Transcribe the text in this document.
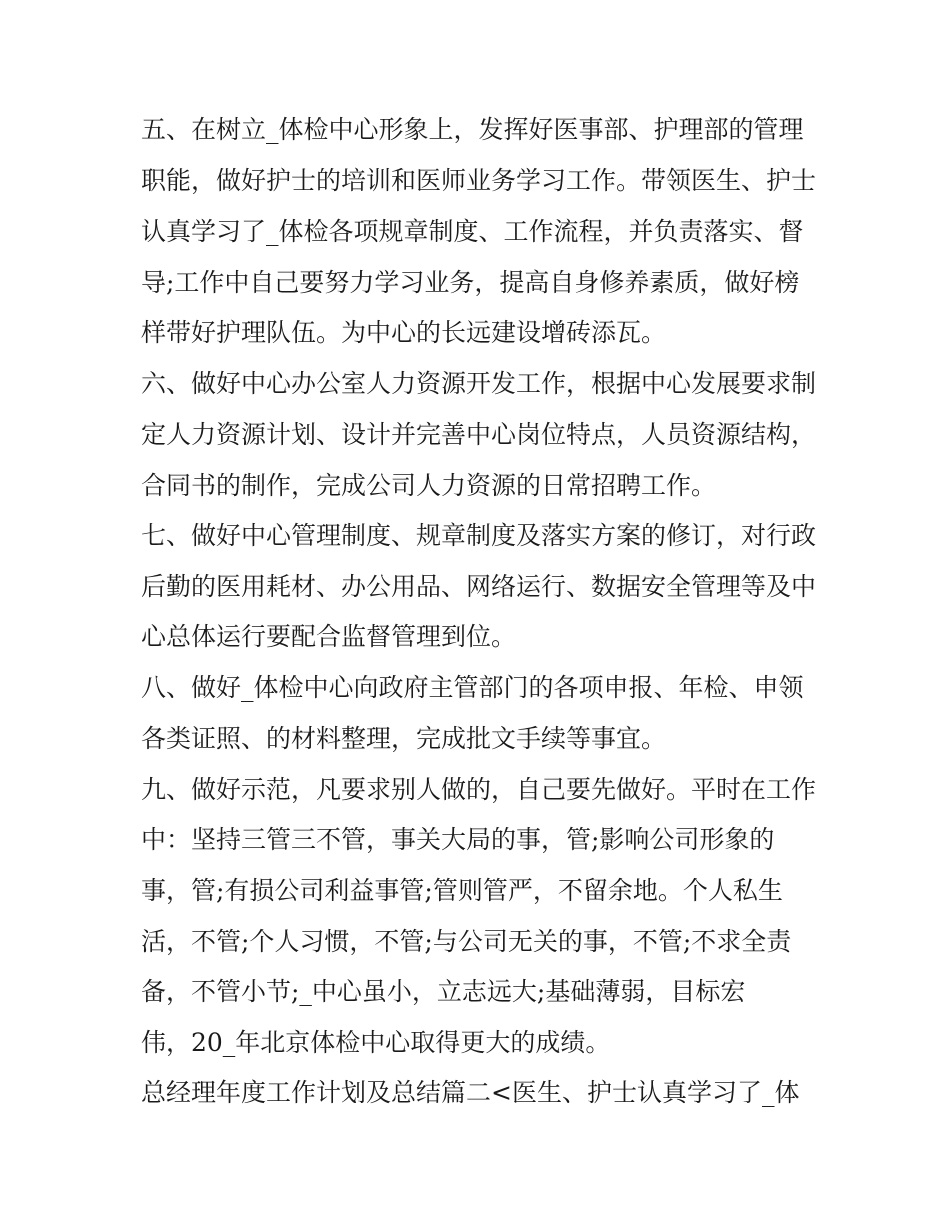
五、在树立_体检中心形象上，发挥好医事部、护理部的管理
职能，做好护士的培训和医师业务学习工作。带领医生、护士
认真学习了_体检各项规章制度、工作流程，并负责落实、督
导;工作中自己要努力学习业务，提高自身修养素质，做好榜
样带好护理队伍。为中心的长远建设增砖添瓦。
六、做好中心办公室人力资源开发工作，根据中心发展要求制
定人力资源计划、设计并完善中心岗位特点，人员资源结构，
合同书的制作，完成公司人力资源的日常招聘工作。
七、做好中心管理制度、规章制度及落实方案的修订，对行政
后勤的医用耗材、办公用品、网络运行、数据安全管理等及中
心总体运行要配合监督管理到位。
八、做好_体检中心向政府主管部门的各项申报、年检、申领
各类证照、的材料整理，完成批文手续等事宜。
九、做好示范，凡要求别人做的，自己要先做好。平时在工作
中：坚持三管三不管，事关大局的事，管;影响公司形象的
事，管;有损公司利益事管;管则管严，不留余地。个人私生
活，不管;个人习惯，不管;与公司无关的事，不管;不求全责
备，不管小节;_中心虽小，立志远大;基础薄弱，目标宏
伟，20_年北京体检中心取得更大的成绩。
总经理年度工作计划及总结篇二<医生、护士认真学习了_体
